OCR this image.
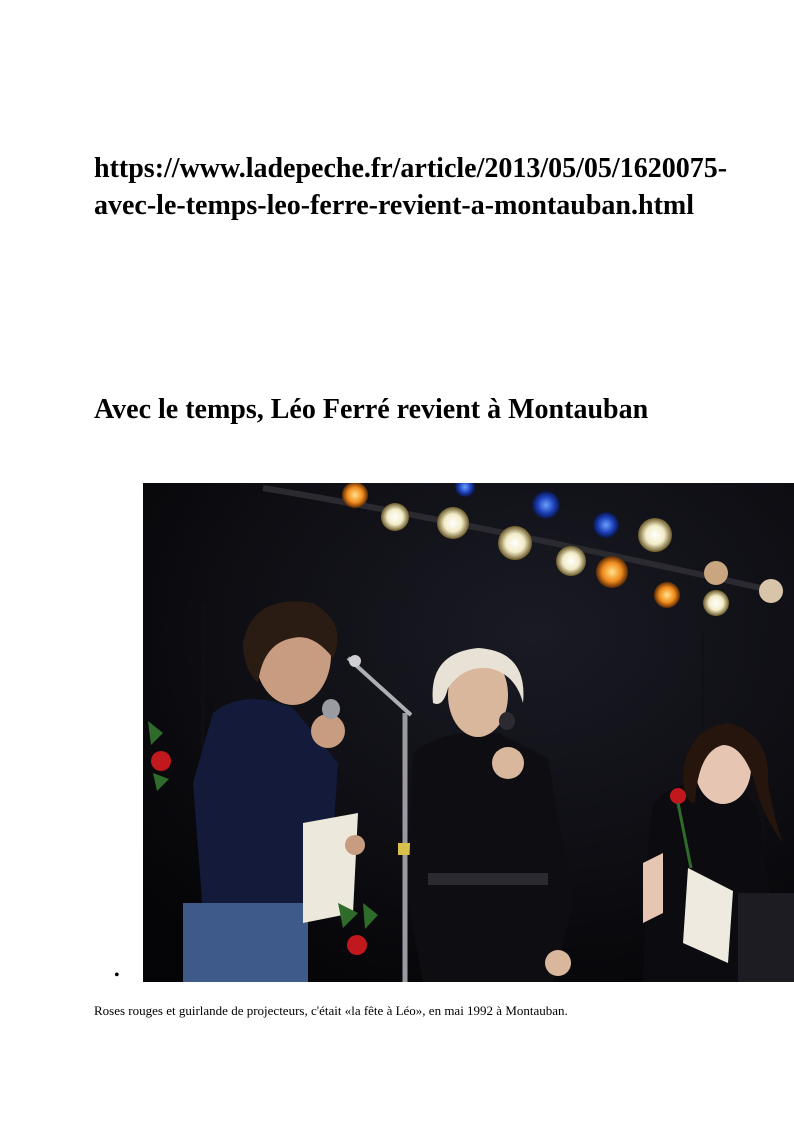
https://www.ladepeche.fr/article/2013/05/05/1620075-avec-le-temps-leo-ferre-revient-a-montauban.html
Avec le temps, Léo Ferré revient à Montauban
•

Roses rouges et guirlande de projecteurs, c'était «la fête à Léo», en mai 1992 à Montauban.
